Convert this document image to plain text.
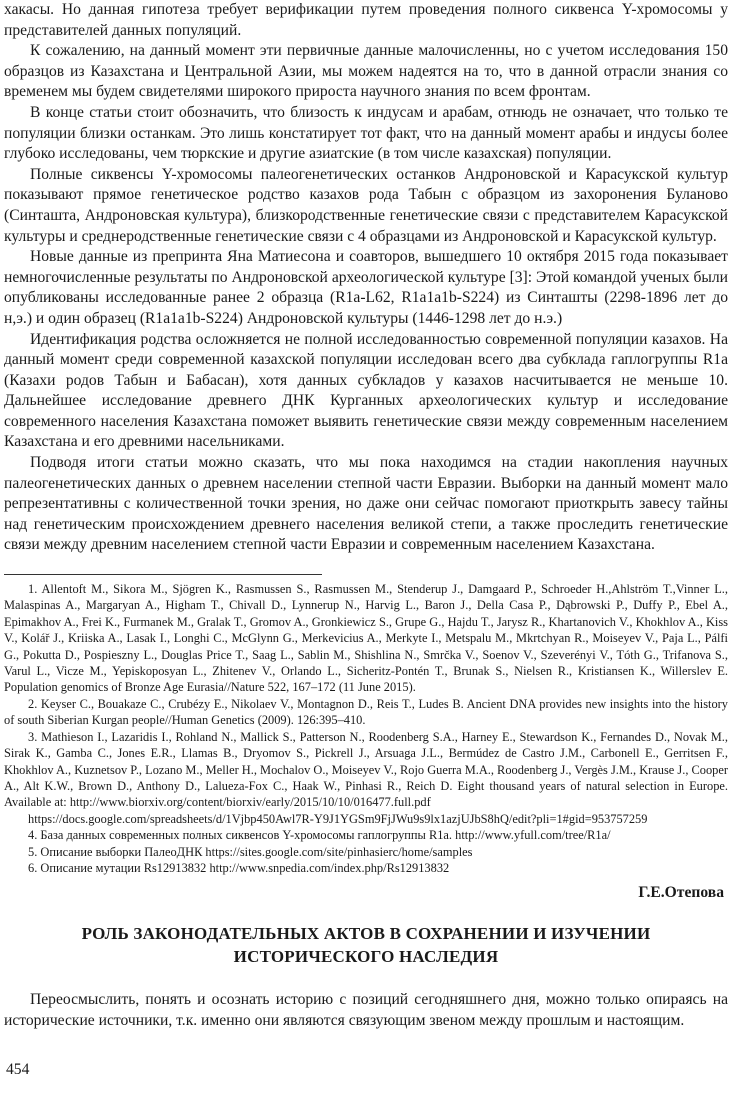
хакасы. Но данная гипотеза требует верификации путем проведения полного сиквенса Y-хромосомы у представителей данных популяций.

К сожалению, на данный момент эти первичные данные малочисленны, но с учетом исследования 150 образцов из Казахстана и Центральной Азии, мы можем надеятся на то, что в данной отрасли знания со временем мы будем свидетелями широкого прироста научного знания по всем фронтам.

В конце статьи стоит обозначить, что близость к индусам и арабам, отнюдь не означает, что только те популяции близки останкам. Это лишь констатирует тот факт, что на данный момент арабы и индусы более глубоко исследованы, чем тюркские и другие азиатские (в том числе казахская) популяции.

Полные сиквенсы Y-хромосомы палеогенетических останков Андроновской и Карасукской культур показывают прямое генетическое родство казахов рода Табын с образцом из захоронения Буланово (Синташта, Андроновская культура), близкородственные генетические связи с представителем Карасукской культуры и среднеродственные генетические связи с 4 образцами из Андроновской и Карасукской культур.

Новые данные из препринта Яна Матиесона и соавторов, вышедшего 10 октября 2015 года показывает немногочисленные результаты по Андроновской археологической культуре [3]: Этой командой ученых были опубликованы исследованные ранее 2 образца (R1a-L62, R1a1a1b-S224) из Синташты (2298-1896 лет до н,э.) и один образец (R1a1a1b-S224) Андроновской культуры (1446-1298 лет до н.э.)

Идентификация родства осложняется не полной исследованностью современной популяции казахов. На данный момент среди современной казахской популяции исследован всего два субклада гаплогруппы R1a (Казахи родов Табын и Бабасан), хотя данных субкладов у казахов насчитывается не меньше 10. Дальнейшее исследование древнего ДНК Курганных археологических культур и исследование современного населения Казахстана поможет выявить генетические связи между современным населением Казахстана и его древними насельниками.

Подводя итоги статьи можно сказать, что мы пока находимся на стадии накопления научных палеогенетических данных о древнем населении степной части Евразии. Выборки на данный момент мало репрезентативны с количественной точки зрения, но даже они сейчас помогают приоткрыть завесу тайны над генетическим происхождением древнего населения великой степи, а также проследить генетические связи между древним населением степной части Евразии и современным населением Казахстана.

1. Allentoft M., Sikora M., Sjögren K., Rasmussen S., Rasmussen M., Stenderup J., Damgaard P., Schroeder H.,Ahlström T.,Vinner L., Malaspinas A., Margaryan A., Higham T., Chivall D., Lynnerup N., Harvig L., Baron J., Della Casa P., Dąbrowski P., Duffy P., Ebel A., Epimakhov A., Frei K., Furmanek M., Gralak T., Gromov A., Gronkiewicz S., Grupe G., Hajdu T., Jarysz R., Khartanovich V., Khokhlov A., Kiss V., Kolář J., Kriiska A., Lasak I., Longhi C., McGlynn G., Merkevicius A., Merkyte I., Metspalu M., Mkrtchyan R., Moiseyev V., Paja L., Pálfi G., Pokutta D., Pospieszny L., Douglas Price T., Saag L., Sablin M., Shishlina N., Smrčka V., Soenov V., Szeverényi V., Tóth G., Trifanova S., Varul L., Vicze M., Yepiskoposyan L., Zhitenev V., Orlando L., Sicheritz-Pontén T., Brunak S., Nielsen R., Kristiansen K., Willerslev E. Population genomics of Bronze Age Eurasia//Nature 522, 167–172 (11 June 2015).

2. Keyser C., Bouakaze C., Crubézy E., Nikolaev V., Montagnon D., Reis T., Ludes B. Ancient DNA provides new insights into the history of south Siberian Kurgan people//Human Genetics (2009). 126:395–410.

3. Mathieson I., Lazaridis I., Rohland N., Mallick S., Patterson N., Roodenberg S.A., Harney E., Stewardson K., Fernandes D., Novak M., Sirak K., Gamba C., Jones E.R., Llamas B., Dryomov S., Pickrell J., Arsuaga J.L., Bermúdez de Castro J.M., Carbonell E., Gerritsen F., Khokhlov A., Kuznetsov P., Lozano M., Meller H., Mochalov O., Moiseyev V., Rojo Guerra M.A., Roodenberg J., Vergès J.M., Krause J., Cooper A., Alt K.W., Brown D., Anthony D., Lalueza-Fox C., Haak W., Pinhasi R., Reich D. Eight thousand years of natural selection in Europe. Available at: http://www.biorxiv.org/content/biorxiv/early/2015/10/10/016477.full.pdf

https://docs.google.com/spreadsheets/d/1Vjbp450Awl7R-Y9J1YGSm9FjJWu9s9lx1azjUJbS8hQ/edit?pli=1#gid=953757259

4. База данных современных полных сиквенсов Y-хромосомы гаплогруппы R1a. http://www.yfull.com/tree/R1a/

5. Описание выборки ПалеоДНК https://sites.google.com/site/pinhasierc/home/samples

6. Описание мутации Rs12913832 http://www.snpedia.com/index.php/Rs12913832

Г.Е.Отепова
РОЛЬ ЗАКОНОДАТЕЛЬНЫХ АКТОВ В СОХРАНЕНИИ И ИЗУЧЕНИИ
ИСТОРИЧЕСКОГО НАСЛЕДИЯ

Переосмыслить, понять и осознать историю с позиций сегодняшнего дня, можно только опираясь на исторические источники, т.к. именно они являются связующим звеном между прошлым и настоящим.

454
